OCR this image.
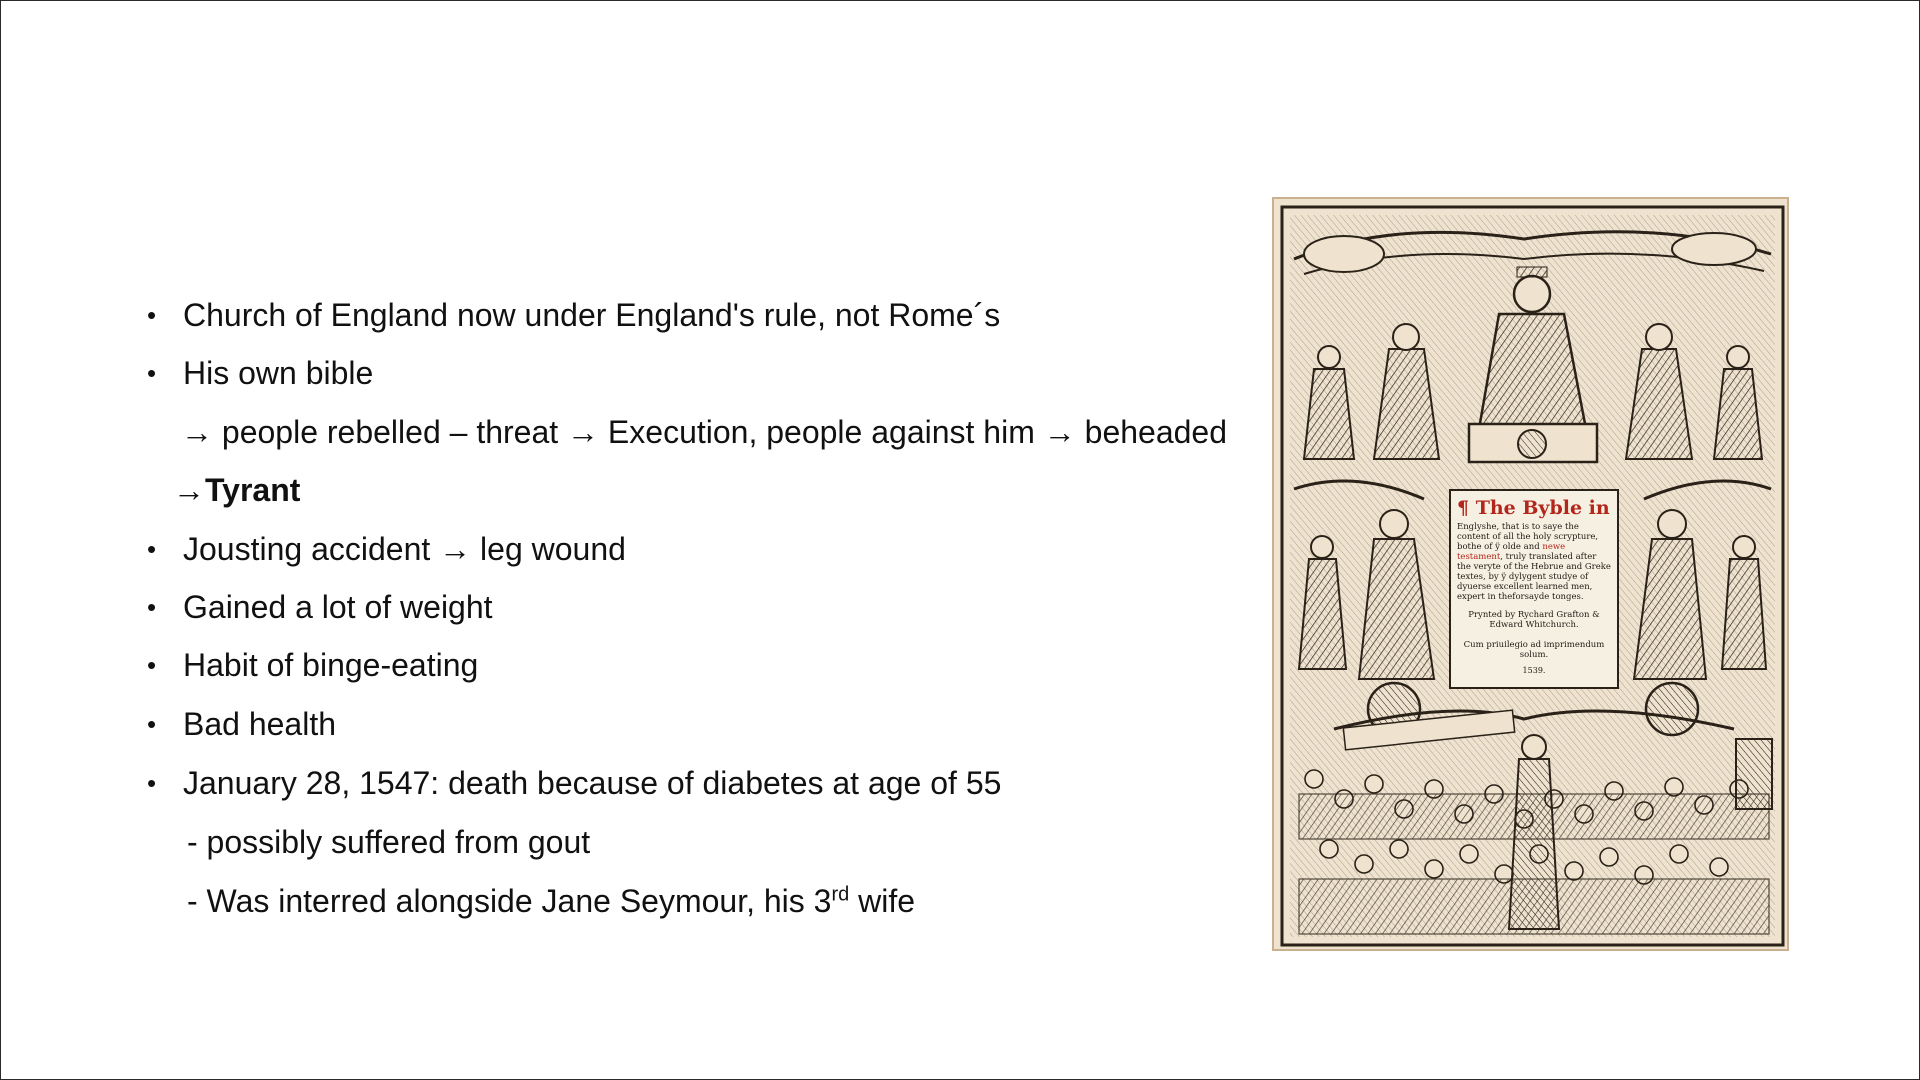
• Church of England now under England's rule, not Rome´s
• His own bible
→ people rebelled – threat → Execution, people against him → beheaded
→Tyrant
• Jousting accident → leg wound
• Gained a lot of weight
• Habit of binge-eating
• Bad health
• January 28, 1547: death because of diabetes at age of 55
- possibly suffered from gout
- Was interred alongside Jane Seymour, his 3rd wife
¶ The Byble in
Englyshe, that is to saye the content of all the holy scrypture, bothe of ÿ olde and newe testament, truly translated after the veryte of the Hebrue and Greke textes, by ÿ dylygent studye of dyuerse excellent learned men, expert in theforsayde tonges.
Prynted by Rychard Grafton & Edward Whitchurch.
Cum priuilegio ad imprimendum solum.
1539.
